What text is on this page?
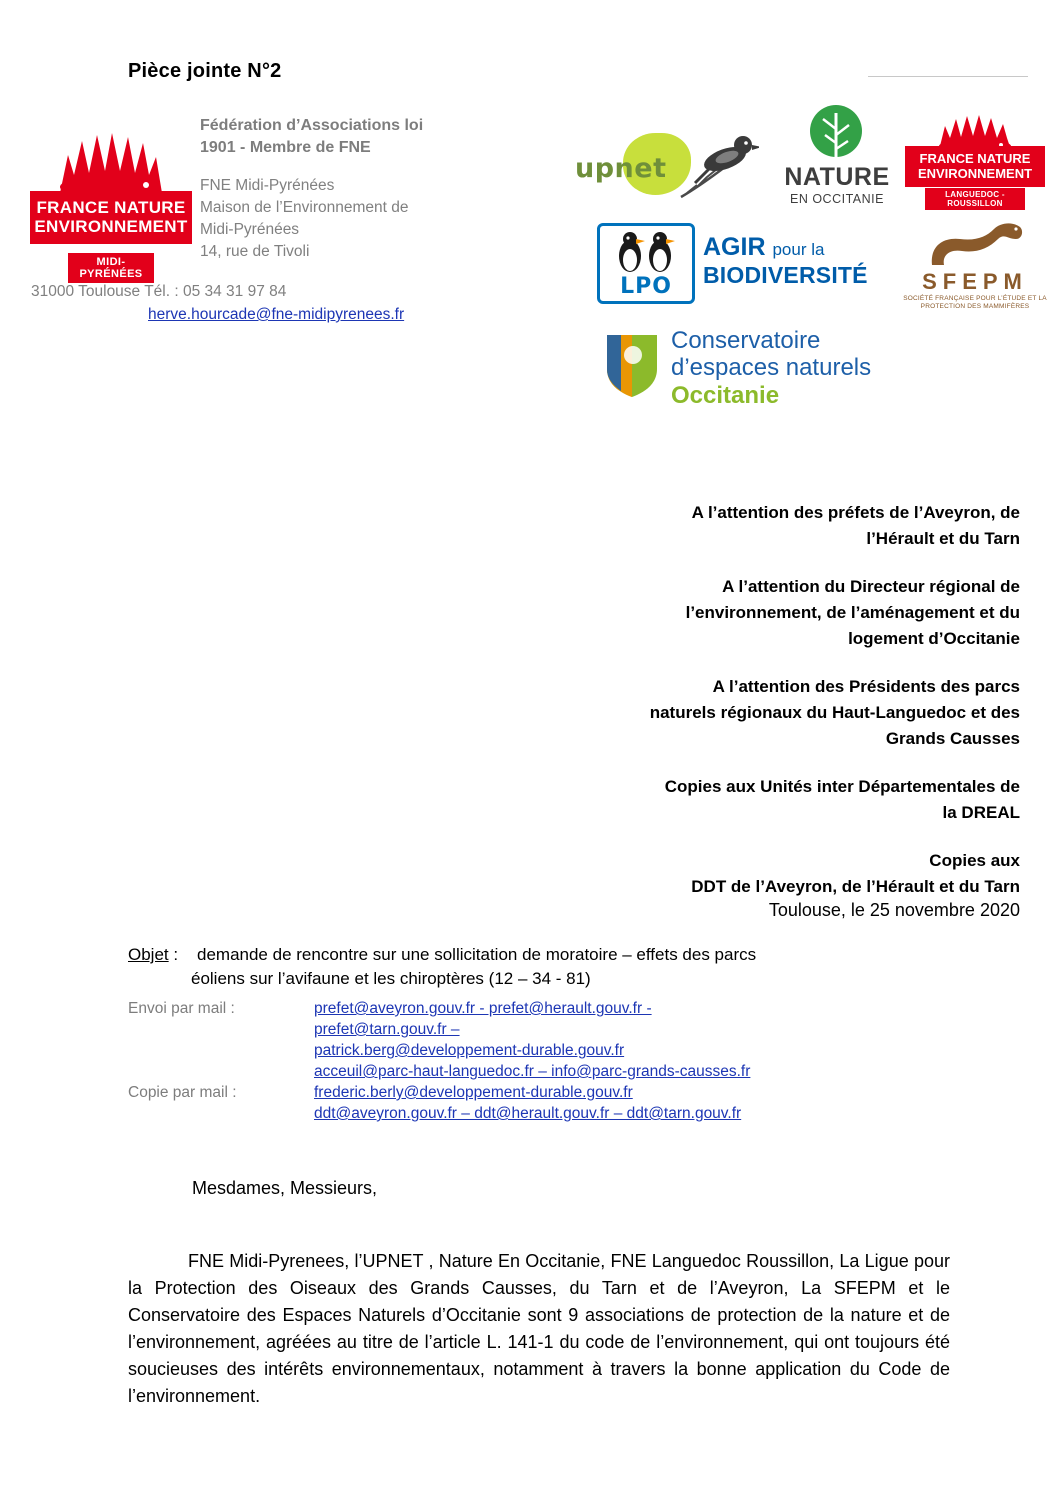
Pièce jointe N°2
FRANCE NATURE ENVIRONNEMENT
MIDI-PYRÉNÉES
Fédération d’Associations loi
1901 - Membre de FNE
FNE Midi-Pyrénées
Maison de l’Environnement de
Midi-Pyrénées
14, rue de Tivoli
31000 Toulouse Tél. : 05 34 31 97 84
herve.hourcade@fne-midipyrenees.fr
upnet	NATURE
EN OCCITANIE
FRANCE NATURE ENVIRONNEMENT
LANGUEDOC - ROUSSILLON
LPO
AGIR pour la
BIODIVERSITÉ	SFEPM
SOCIÉTÉ FRANÇAISE POUR L’ÉTUDE ET LA PROTECTION DES MAMMIFÈRES
Conservatoire
d’espaces naturels
Occitanie
A l’attention des préfets de l’Aveyron, de
l’Hérault et du Tarn
A l’attention du Directeur régional de
l’environnement, de l’aménagement et du
logement d’Occitanie
A l’attention des Présidents des parcs
naturels régionaux du Haut-Languedoc et des
Grands Causses
Copies aux Unités inter Départementales de
la DREAL
Copies aux
DDT de l’Aveyron, de l’Hérault et du Tarn
Toulouse, le 25 novembre 2020
Objet : demande de rencontre sur une sollicitation de moratoire – effets des parcs
éoliens sur l’avifaune et les chiroptères (12 – 34 - 81)
Envoi par mail :	prefet@aveyron.gouv.fr - prefet@herault.gouv.fr -
prefet@tarn.gouv.fr –
patrick.berg@developpement-durable.gouv.fr
acceuil@parc-haut-languedoc.fr – info@parc-grands-causses.fr
Copie par mail :	frederic.berly@developpement-durable.gouv.fr
ddt@aveyron.gouv.fr – ddt@herault.gouv.fr – ddt@tarn.gouv.fr
Mesdames, Messieurs,
FNE Midi-Pyrenees, l’UPNET , Nature En Occitanie, FNE Languedoc Roussillon, La Ligue pour la Protection des Oiseaux des Grands Causses, du Tarn et de l’Aveyron, La SFEPM et le Conservatoire des Espaces Naturels d’Occitanie sont 9 associations de protection de la nature et de l’environnement, agréées au titre de l’article L. 141-1 du code de l’environnement, qui ont toujours été soucieuses des intérêts environnementaux, notamment à travers la bonne application du Code de l’environnement.
